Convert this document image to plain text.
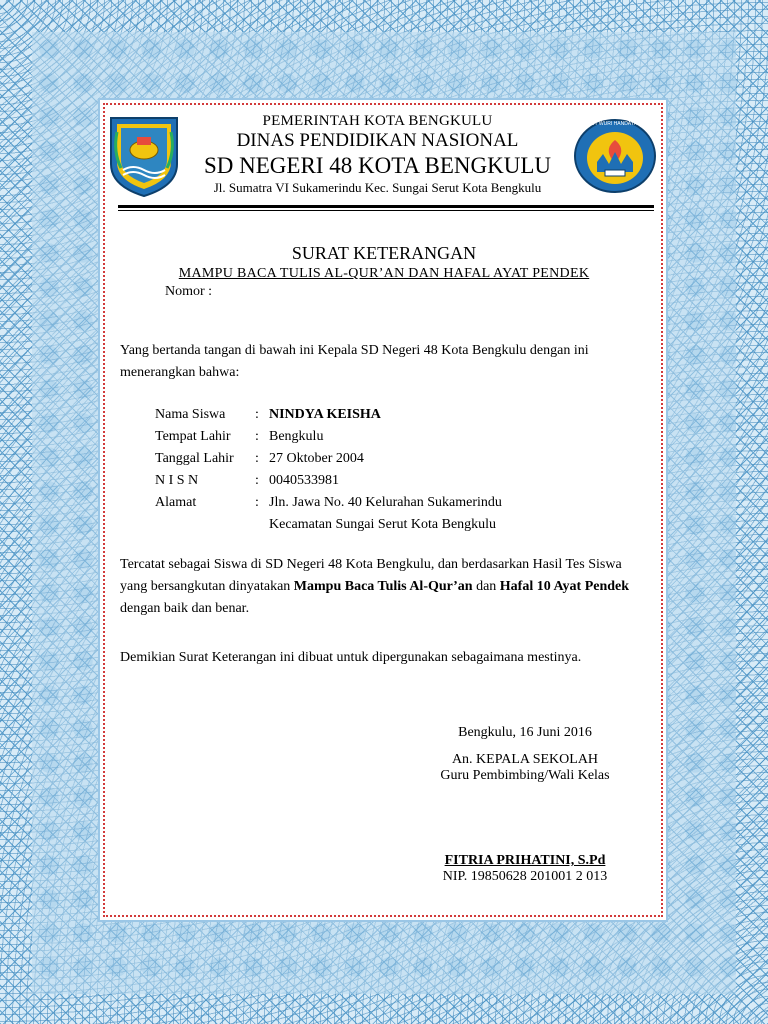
TUT WURI HANDAYANI
PEMERINTAH KOTA BENGKULU
DINAS PENDIDIKAN NASIONAL
SD NEGERI 48 KOTA BENGKULU
Jl. Sumatra VI Sukamerindu Kec. Sungai Serut Kota Bengkulu
SURAT KETERANGAN
MAMPU BACA TULIS AL-QUR’AN DAN HAFAL AYAT PENDEK
Nomor :
Yang bertanda tangan di bawah ini Kepala SD Negeri 48 Kota Bengkulu dengan ini menerangkan bahwa:
Nama Siswa	:	NINDYA KEISHA
Tempat Lahir	:	Bengkulu
Tanggal Lahir	:	27 Oktober 2004
N I S N	:	0040533981
Alamat	:	Jln. Jawa No. 40 Kelurahan Sukamerindu
		Kecamatan Sungai Serut Kota Bengkulu
Tercatat sebagai Siswa di SD Negeri 48 Kota Bengkulu, dan berdasarkan Hasil Tes Siswa yang bersangkutan dinyatakan Mampu Baca Tulis Al-Qur’an dan Hafal 10 Ayat Pendek dengan baik dan benar.
Demikian Surat Keterangan ini dibuat untuk dipergunakan sebagaimana mestinya.
Bengkulu, 16 Juni 2016
An. KEPALA SEKOLAH
Guru Pembimbing/Wali Kelas
FITRIA PRIHATINI, S.Pd
NIP. 19850628 201001 2 013
